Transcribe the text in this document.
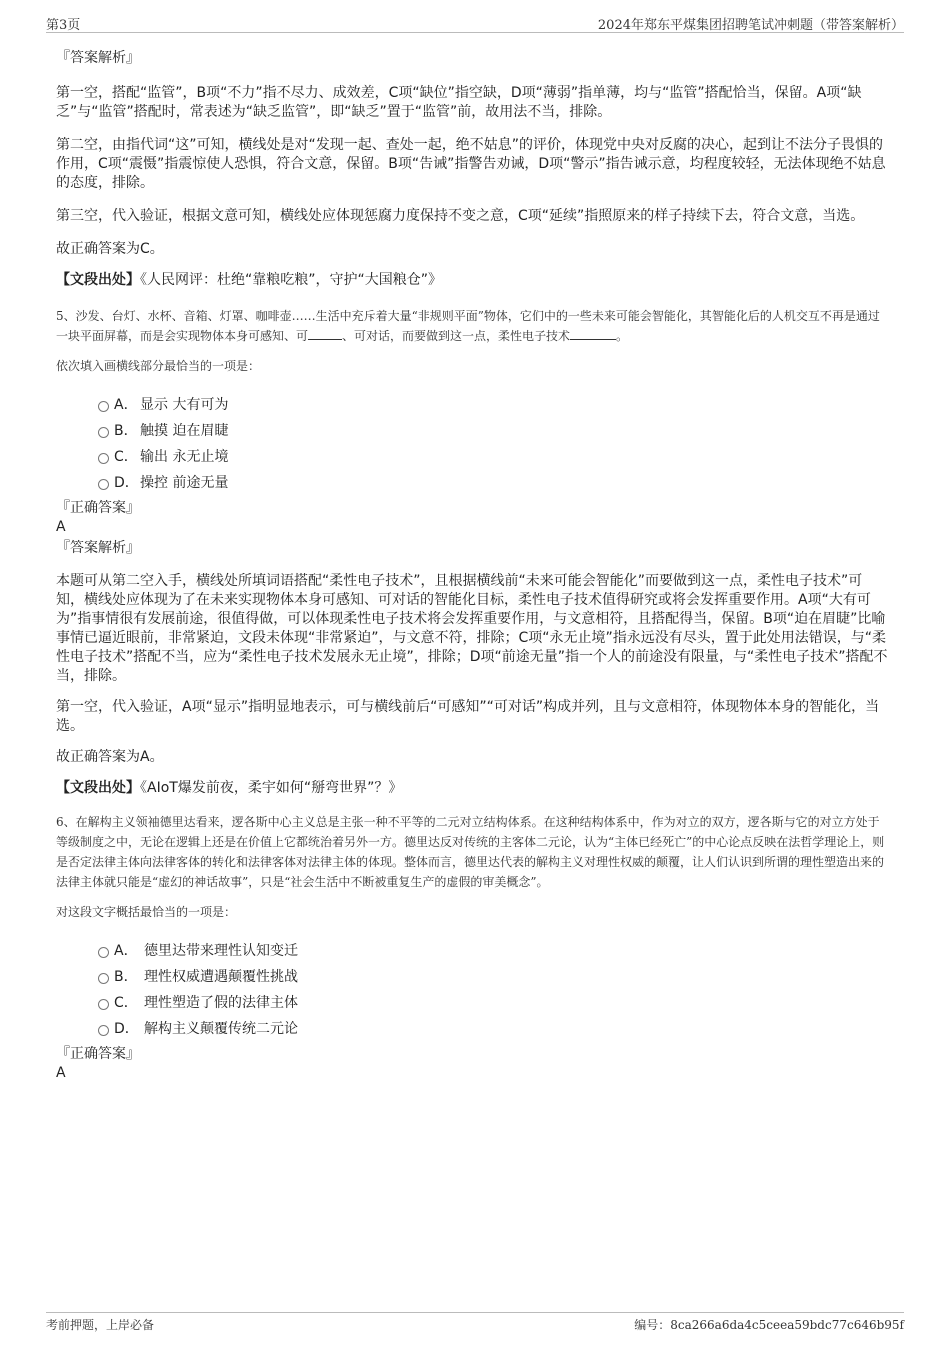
第3页	2024年郑东平煤集团招聘笔试冲刺题（带答案解析）

『答案解析』

第一空，搭配“监管”，B项“不力”指不尽力、成效差，C项“缺位”指空缺，D项“薄弱”指单薄，均与“监管”搭配恰当，保留。A项“缺乏”与“监管”搭配时，常表述为“缺乏监管”，即“缺乏”置于“监管”前，故用法不当，排除。

第二空，由指代词“这”可知，横线处是对“发现一起、查处一起，绝不姑息”的评价，体现党中央对反腐的决心，起到让不法分子畏惧的作用，C项“震慑”指震惊使人恐惧，符合文意，保留。B项“告诫”指警告劝诫，D项“警示”指告诫示意，均程度较轻，无法体现绝不姑息的态度，排除。

第三空，代入验证，根据文意可知，横线处应体现惩腐力度保持不变之意，C项“延续”指照原来的样子持续下去，符合文意，当选。

故正确答案为C。

【文段出处】《人民网评：杜绝“靠粮吃粮”，守护“大国粮仓”》

5、沙发、台灯、水杯、音箱、灯罩、咖啡壶……生活中充斥着大量“非规则平面”物体，它们中的一些未来可能会智能化，其智能化后的人机交互不再是通过一块平面屏幕，而是会实现物体本身可感知、可	、可对话，而要做到这一点，柔性电子技术	。

依次填入画横线部分最恰当的一项是：

A． 显示 大有可为
B． 触摸 迫在眉睫
C． 输出 永无止境
D．操控 前途无量

『正确答案』

A

『答案解析』

本题可从第二空入手，横线处所填词语搭配“柔性电子技术”，且根据横线前“未来可能会智能化”而要做到这一点，柔性电子技术”可知，横线处应体现为了在未来实现物体本身可感知、可对话的智能化目标，柔性电子技术值得研究或将会发挥重要作用。A项“大有可为”指事情很有发展前途，很值得做，可以体现柔性电子技术将会发挥重要作用，与文意相符，且搭配得当，保留。B项“迫在眉睫”比喻事情已逼近眼前，非常紧迫，文段未体现“非常紧迫”，与文意不符，排除；C项“永无止境”指永远没有尽头，置于此处用法错误，与“柔性电子技术”搭配不当，应为“柔性电子技术发展永无止境”，排除；D项“前途无量”指一个人的前途没有限量，与“柔性电子技术”搭配不当，排除。

第一空，代入验证，A项“显示”指明显地表示，可与横线前后“可感知”“可对话”构成并列，且与文意相符，体现物体本身的智能化，当选。

故正确答案为A。

【文段出处】《AIoT爆发前夜，柔宇如何“掰弯世界”？》

6、在解构主义领袖德里达看来，逻各斯中心主义总是主张一种不平等的二元对立结构体系。在这种结构体系中，作为对立的双方，逻各斯与它的对立方处于等级制度之中，无论在逻辑上还是在价值上它都统治着另外一方。德里达反对传统的主客体二元论，认为“主体已经死亡”的中心论点反映在法哲学理论上，则是否定法律主体向法律客体的转化和法律客体对法律主体的体现。整体而言，德里达代表的解构主义对理性权威的颠覆，让人们认识到所谓的理性塑造出来的法律主体就只能是“虚幻的神话故事”，只是“社会生活中不断被重复生产的虚假的审美概念”。

对这段文字概括最恰当的一项是：

A． 德里达带来理性认知变迁
B． 理性权威遭遇颠覆性挑战
C． 理性塑造了假的法律主体
D． 解构主义颠覆传统二元论

『正确答案』

A

考前押题，上岸必备	编号：8ca266a6da4c5ceea59bdc77c646b95f
